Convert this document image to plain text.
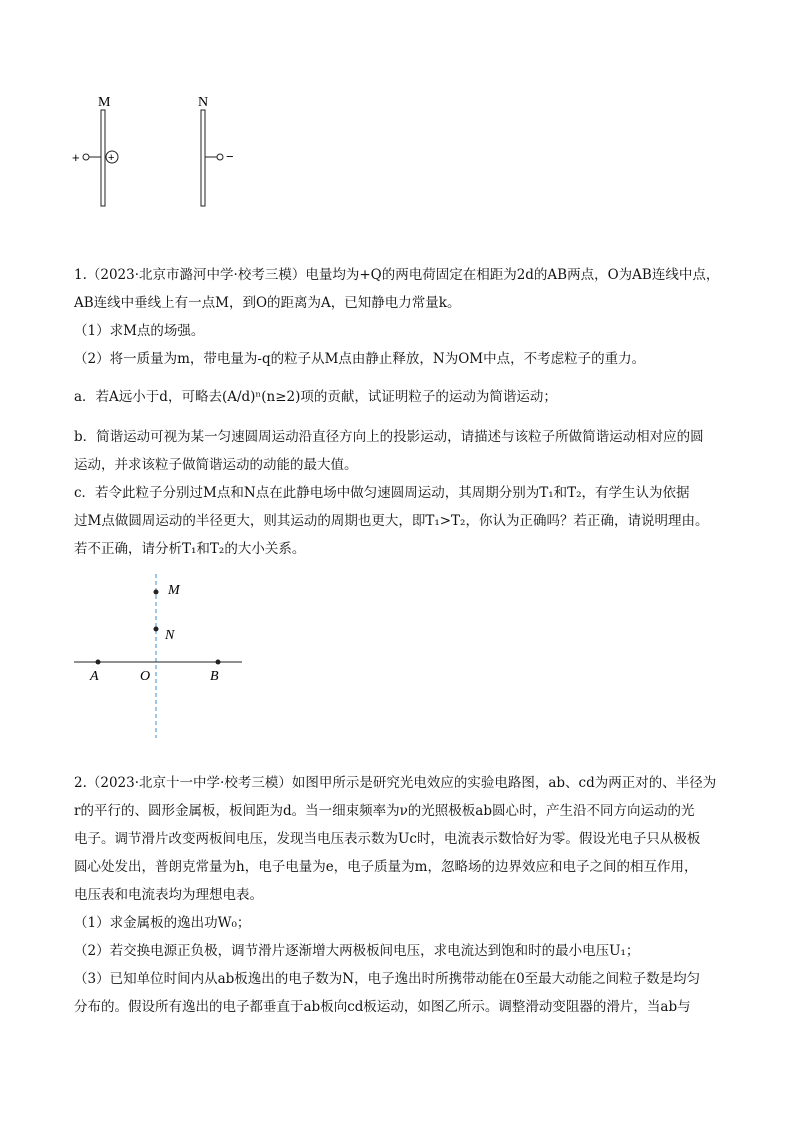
M	N
+	+	−
1.（2023·北京市潞河中学·校考三模）电量均为+Q的两电荷固定在相距为2d的AB两点，O为AB连线中点，
AB连线中垂线上有一点M，到O的距离为A，已知静电力常量k。
（1）求M点的场强。
（2）将一质量为m，带电量为-q的粒子从M点由静止释放，N为OM中点，不考虑粒子的重力。
a．若A远小于d，可略去(A/d)ⁿ(n≥2)项的贡献，试证明粒子的运动为简谐运动；
b．简谐运动可视为某一匀速圆周运动沿直径方向上的投影运动，请描述与该粒子所做简谐运动相对应的圆
运动，并求该粒子做简谐运动的动能的最大值。
c．若令此粒子分别过M点和N点在此静电场中做匀速圆周运动，其周期分别为T₁和T₂，有学生认为依据
过M点做圆周运动的半径更大，则其运动的周期也更大，即T₁>T₂，你认为正确吗？若正确，请说明理由。
若不正确，请分析T₁和T₂的大小关系。
M
N
A	O	B
2.（2023·北京十一中学·校考三模）如图甲所示是研究光电效应的实验电路图，ab、cd为两正对的、半径为
r的平行的、圆形金属板，板间距为d。当一细束频率为ν的光照极板ab圆心时，产生沿不同方向运动的光
电子。调节滑片改变两板间电压，发现当电压表示数为Uc时，电流表示数恰好为零。假设光电子只从极板
圆心处发出，普朗克常量为h，电子电量为e，电子质量为m，忽略场的边界效应和电子之间的相互作用，
电压表和电流表均为理想电表。
（1）求金属板的逸出功W₀；
（2）若交换电源正负极，调节滑片逐渐增大两极板间电压，求电流达到饱和时的最小电压U₁；
（3）已知单位时间内从ab板逸出的电子数为N，电子逸出时所携带动能在0至最大动能之间粒子数是均匀
分布的。假设所有逸出的电子都垂直于ab板向cd板运动，如图乙所示。调整滑动变阻器的滑片，当ab与
